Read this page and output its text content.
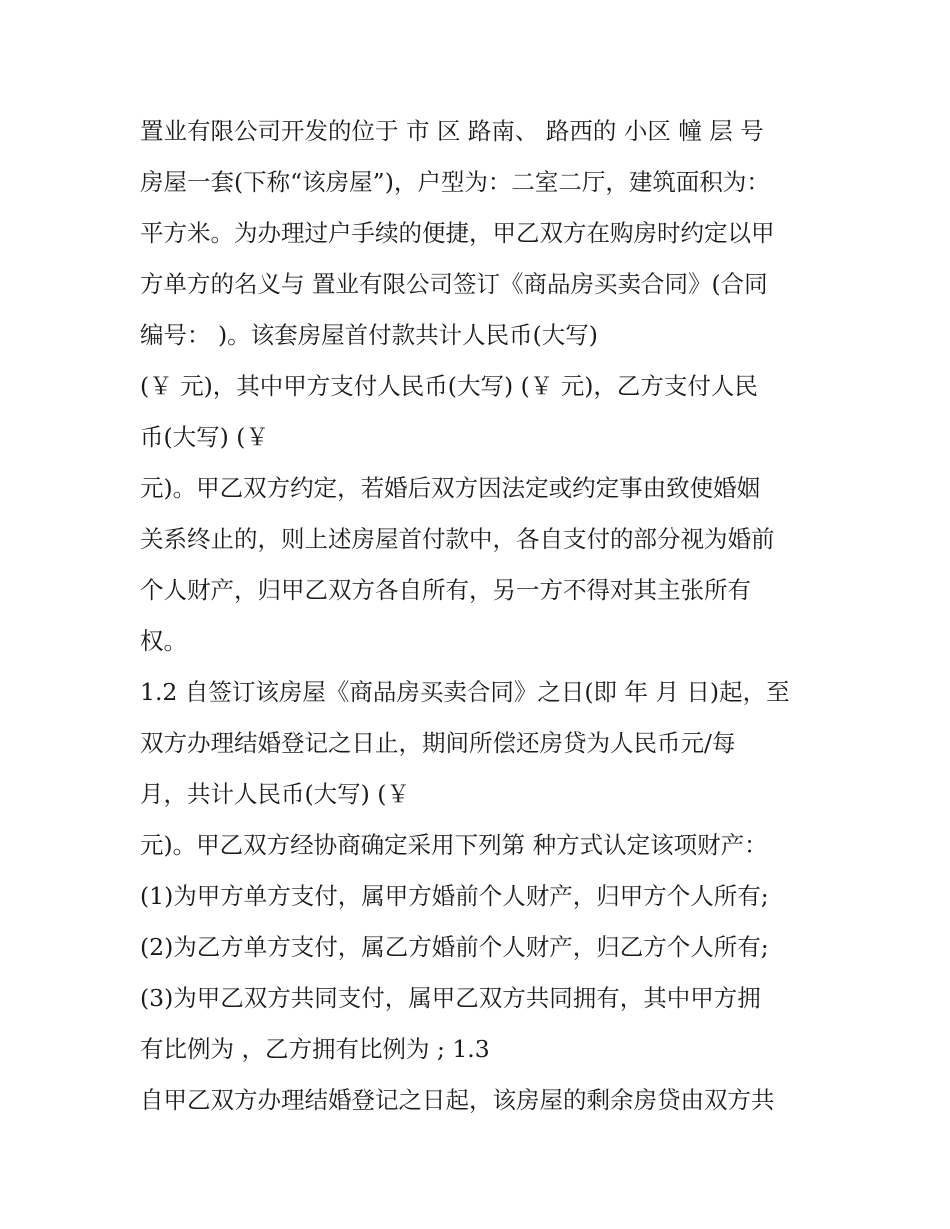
置业有限公司开发的位于 市 区 路南、 路西的 小区 幢 层 号
房屋一套(下称“该房屋”)，户型为：二室二厅，建筑面积为：
平方米。为办理过户手续的便捷，甲乙双方在购房时约定以甲
方单方的名义与 置业有限公司签订《商品房买卖合同》(合同
编号： )。该套房屋首付款共计人民币(大写)
(￥ 元)，其中甲方支付人民币(大写) (￥ 元)，乙方支付人民
币(大写) (￥
元)。甲乙双方约定，若婚后双方因法定或约定事由致使婚姻
关系终止的，则上述房屋首付款中，各自支付的部分视为婚前
个人财产，归甲乙双方各自所有，另一方不得对其主张所有
权。
1.2 自签订该房屋《商品房买卖合同》之日(即 年 月 日)起，至
双方办理结婚登记之日止，期间所偿还房贷为人民币元/每
月，共计人民币(大写) (￥
元)。甲乙双方经协商确定采用下列第 种方式认定该项财产：
(1)为甲方单方支付，属甲方婚前个人财产，归甲方个人所有;
(2)为乙方单方支付，属乙方婚前个人财产，归乙方个人所有;
(3)为甲乙双方共同支付，属甲乙双方共同拥有，其中甲方拥
有比例为 ，乙方拥有比例为 ; 1.3
自甲乙双方办理结婚登记之日起，该房屋的剩余房贷由双方共
